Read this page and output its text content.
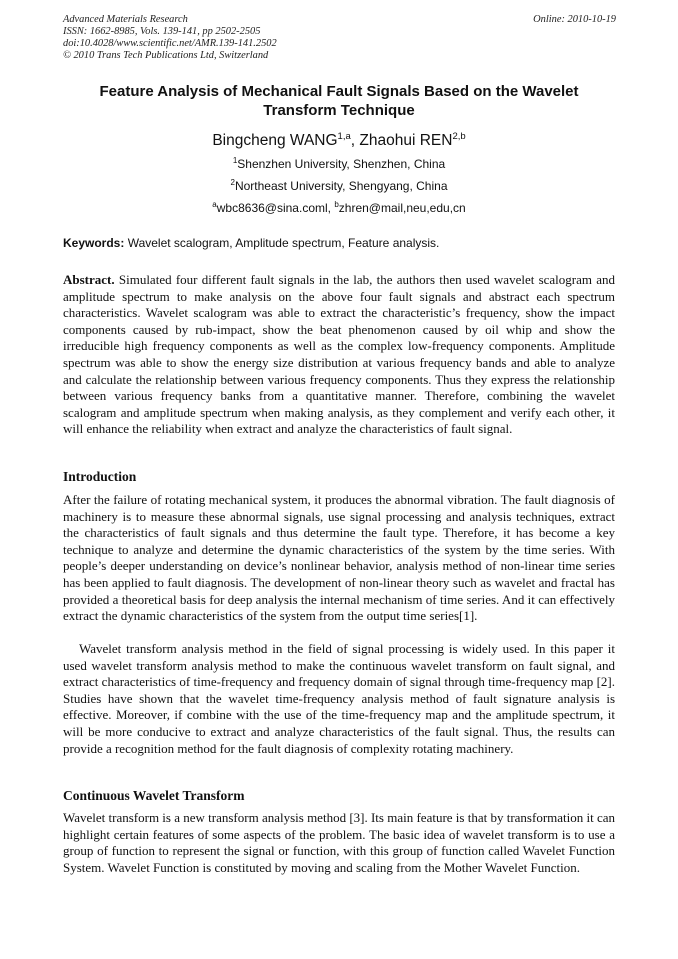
Advanced Materials Research
ISSN: 1662-8985, Vols. 139-141, pp 2502-2505
doi:10.4028/www.scientific.net/AMR.139-141.2502
© 2010 Trans Tech Publications Ltd, Switzerland
Online: 2010-10-19
Feature Analysis of Mechanical Fault Signals Based on the Wavelet Transform Technique
Bingcheng WANG$^{1,a}$, Zhaohui REN$^{2,b}$
$^1$Shenzhen University, Shenzhen, China
$^2$Northeast University, Shengyang, China
$^a$wbc8636@sina.coml, $^b$zhren@mail,neu,edu,cn
Keywords: Wavelet scalogram, Amplitude spectrum, Feature analysis.
Abstract. Simulated four different fault signals in the lab, the authors then used wavelet scalogram and amplitude spectrum to make analysis on the above four fault signals and abstract each spectrum characteristics. Wavelet scalogram was able to extract the characteristic’s frequency, show the impact components caused by rub-impact, show the beat phenomenon caused by oil whip and show the irreducible high frequency components as well as the complex low-frequency components. Amplitude spectrum was able to show the energy size distribution at various frequency bands and able to analyze and calculate the relationship between various frequency components. Thus they express the relationship between various frequency banks from a quantitative manner. Therefore, combining the wavelet scalogram and amplitude spectrum when making analysis, as they complement and verify each other, it will enhance the reliability when extract and analyze the characteristics of fault signal.
Introduction
After the failure of rotating mechanical system, it produces the abnormal vibration. The fault diagnosis of machinery is to measure these abnormal signals, use signal processing and analysis techniques, extract the characteristics of fault signals and thus determine the fault type. Therefore, it has become a key technique to analyze and determine the dynamic characteristics of the system by the time series. With people’s deeper understanding on device’s nonlinear behavior, analysis method of non-linear time series has been applied to fault diagnosis. The development of non-linear theory such as wavelet and fractal has provided a theoretical basis for deep analysis the internal mechanism of time series. And it can effectively extract the dynamic characteristics of the system from the output time series[1].
Wavelet transform analysis method in the field of signal processing is widely used. In this paper it used wavelet transform analysis method to make the continuous wavelet transform on fault signal, and extract characteristics of time-frequency and frequency domain of signal through time-frequency map [2]. Studies have shown that the wavelet time-frequency analysis method of fault signature analysis is effective. Moreover, if combine with the use of the time-frequency map and the amplitude spectrum, it will be more conducive to extract and analyze characteristics of the fault signal. Thus, the results can provide a recognition method for the fault diagnosis of complexity rotating machinery.
Continuous Wavelet Transform
Wavelet transform is a new transform analysis method [3]. Its main feature is that by transformation it can highlight certain features of some aspects of the problem. The basic idea of wavelet transform is to use a group of function to represent the signal or function, with this group of function called Wavelet Function System. Wavelet Function is constituted by moving and scaling from the Mother Wavelet Function.
